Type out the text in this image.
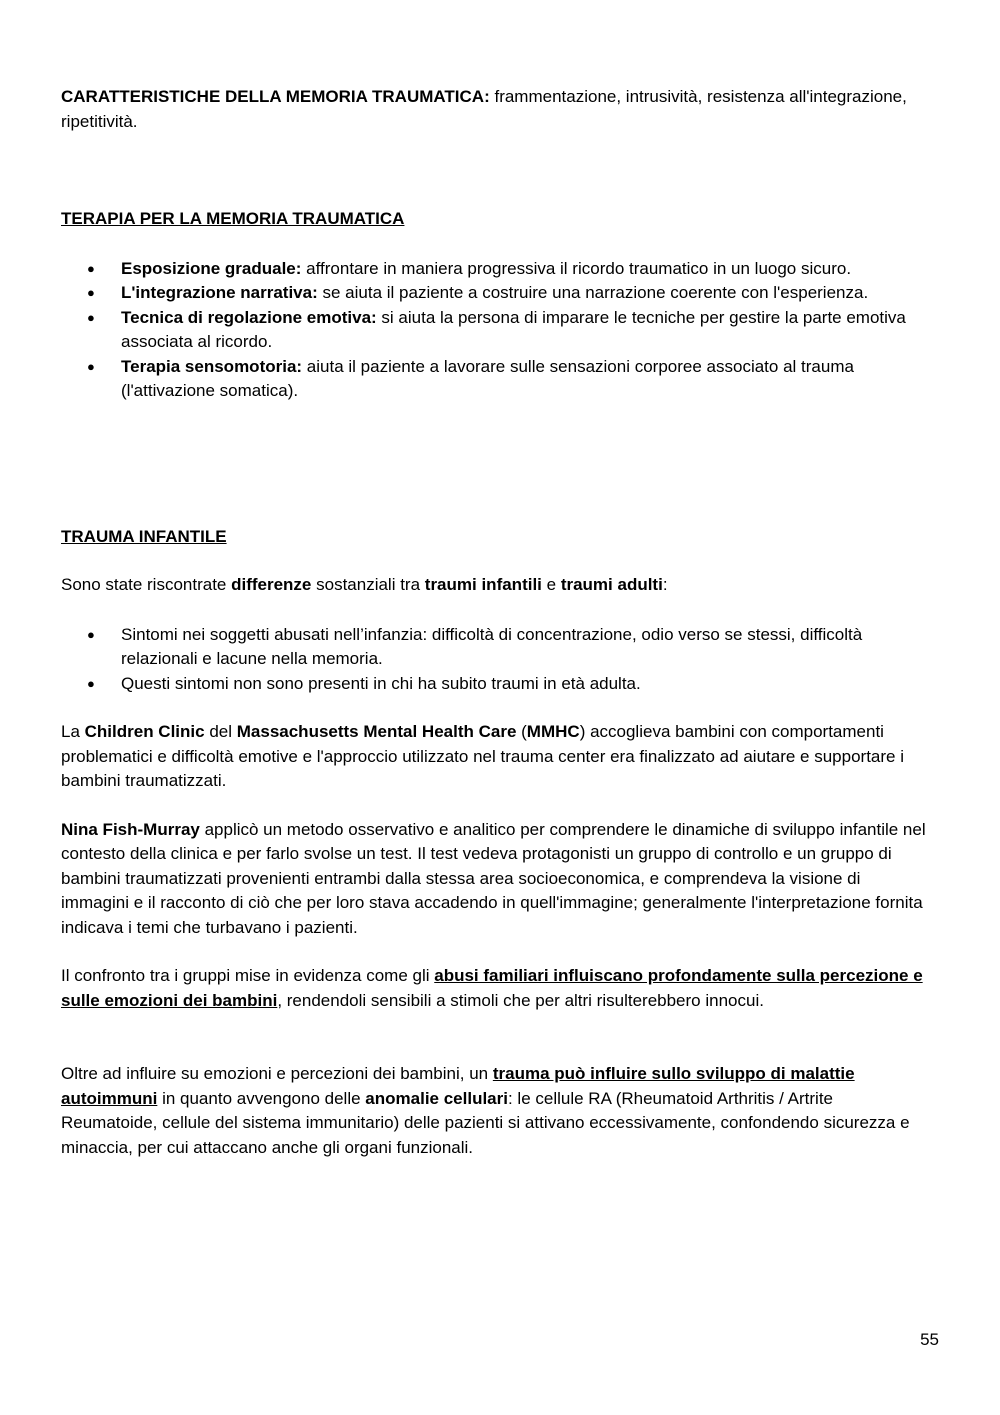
CARATTERISTICHE DELLA MEMORIA TRAUMATICA: frammentazione, intrusività, resistenza all'integrazione, ripetitività.

TERAPIA PER LA MEMORIA TRAUMATICA
● Esposizione graduale: affrontare in maniera progressiva il ricordo traumatico in un luogo sicuro.
● L'integrazione narrativa: se aiuta il paziente a costruire una narrazione coerente con l'esperienza.
● Tecnica di regolazione emotiva: si aiuta la persona di imparare le tecniche per gestire la parte emotiva associata al ricordo.
● Terapia sensomotoria: aiuta il paziente a lavorare sulle sensazioni corporee associato al trauma (l'attivazione somatica).
TRAUMA INFANTILE

Sono state riscontrate differenze sostanziali tra traumi infantili e traumi adulti:

● Sintomi nei soggetti abusati nell’infanzia: difficoltà di concentrazione, odio verso se stessi, difficoltà relazionali e lacune nella memoria.
● Questi sintomi non sono presenti in chi ha subito traumi in età adulta.

La Children Clinic del Massachusetts Mental Health Care (MMHC) accoglieva bambini con comportamenti problematici e difficoltà emotive e l'approccio utilizzato nel trauma center era finalizzato ad aiutare e supportare i bambini traumatizzati.

Nina Fish-Murray applicò un metodo osservativo e analitico per comprendere le dinamiche di sviluppo infantile nel contesto della clinica e per farlo svolse un test. Il test vedeva protagonisti un gruppo di controllo e un gruppo di bambini traumatizzati provenienti entrambi dalla stessa area socioeconomica, e comprendeva la visione di immagini e il racconto di ciò che per loro stava accadendo in quell'immagine; generalmente l'interpretazione fornita indicava i temi che turbavano i pazienti.

Il confronto tra i gruppi mise in evidenza come gli abusi familiari influiscano profondamente sulla percezione e sulle emozioni dei bambini, rendendoli sensibili a stimoli che per altri risulterebbero innocui.

Oltre ad influire su emozioni e percezioni dei bambini, un trauma può influire sullo sviluppo di malattie autoimmuni in quanto avvengono delle anomalie cellulari: le cellule RA (Rheumatoid Arthritis / Artrite Reumatoide, cellule del sistema immunitario) delle pazienti si attivano eccessivamente, confondendo sicurezza e minaccia, per cui attaccano anche gli organi funzionali.

55
